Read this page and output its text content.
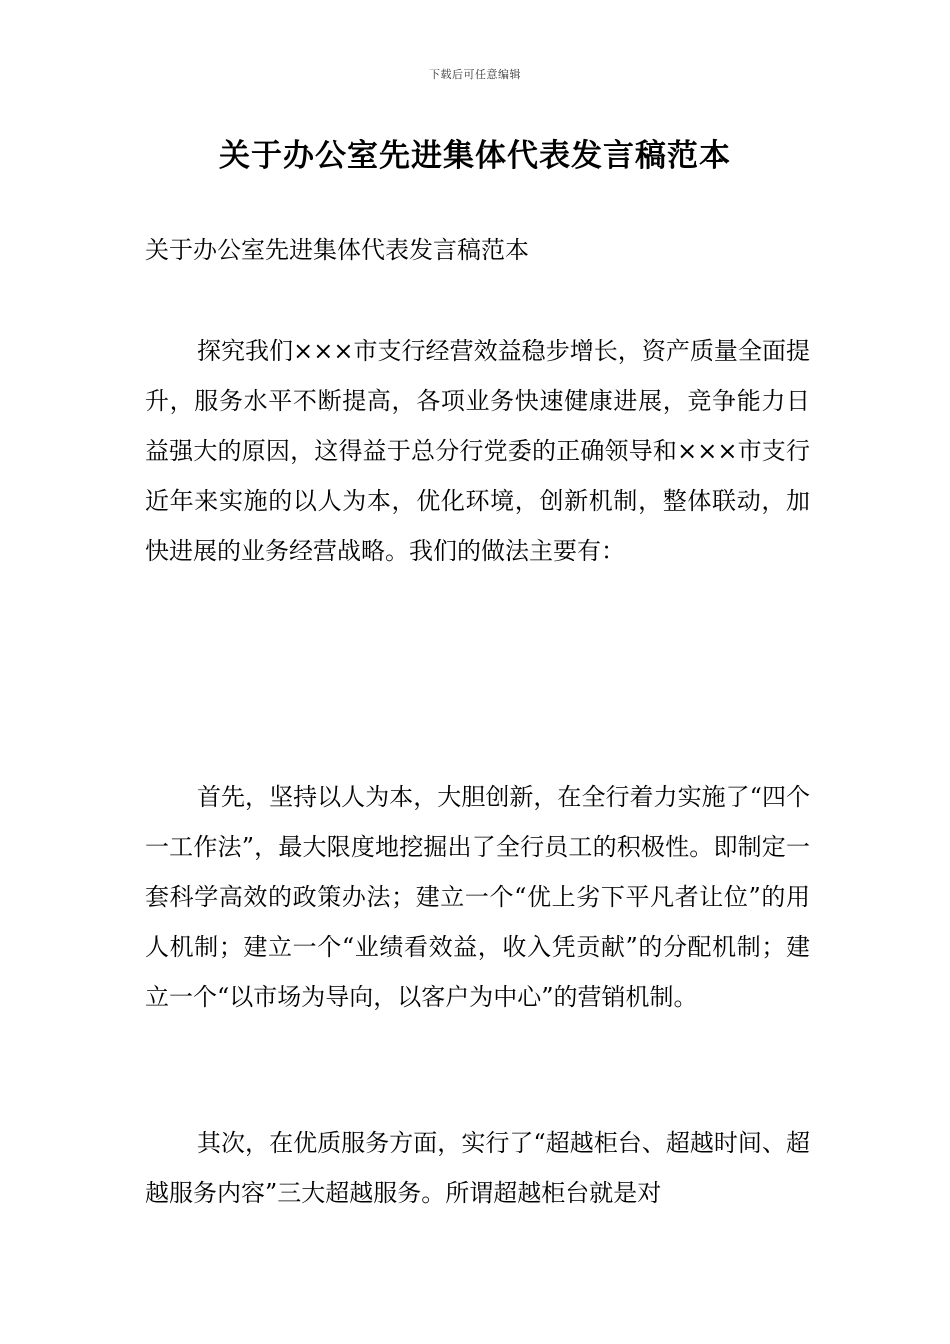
下载后可任意编辑
关于办公室先进集体代表发言稿范本

关于办公室先进集体代表发言稿范本

探究我们×××市支行经营效益稳步增长，资产质量全面提升，服务水平不断提高，各项业务快速健康进展，竞争能力日益强大的原因，这得益于总分行党委的正确领导和×××市支行近年来实施的以人为本，优化环境，创新机制，整体联动，加快进展的业务经营战略。我们的做法主要有：

首先，坚持以人为本，大胆创新，在全行着力实施了“四个一工作法”，最大限度地挖掘出了全行员工的积极性。即制定一套科学高效的政策办法；建立一个“优上劣下平凡者让位”的用人机制；建立一个“业绩看效益，收入凭贡献”的分配机制；建立一个“以市场为导向，以客户为中心”的营销机制。

其次，在优质服务方面，实行了“超越柜台、超越时间、超越服务内容”三大超越服务。所谓超越柜台就是对
